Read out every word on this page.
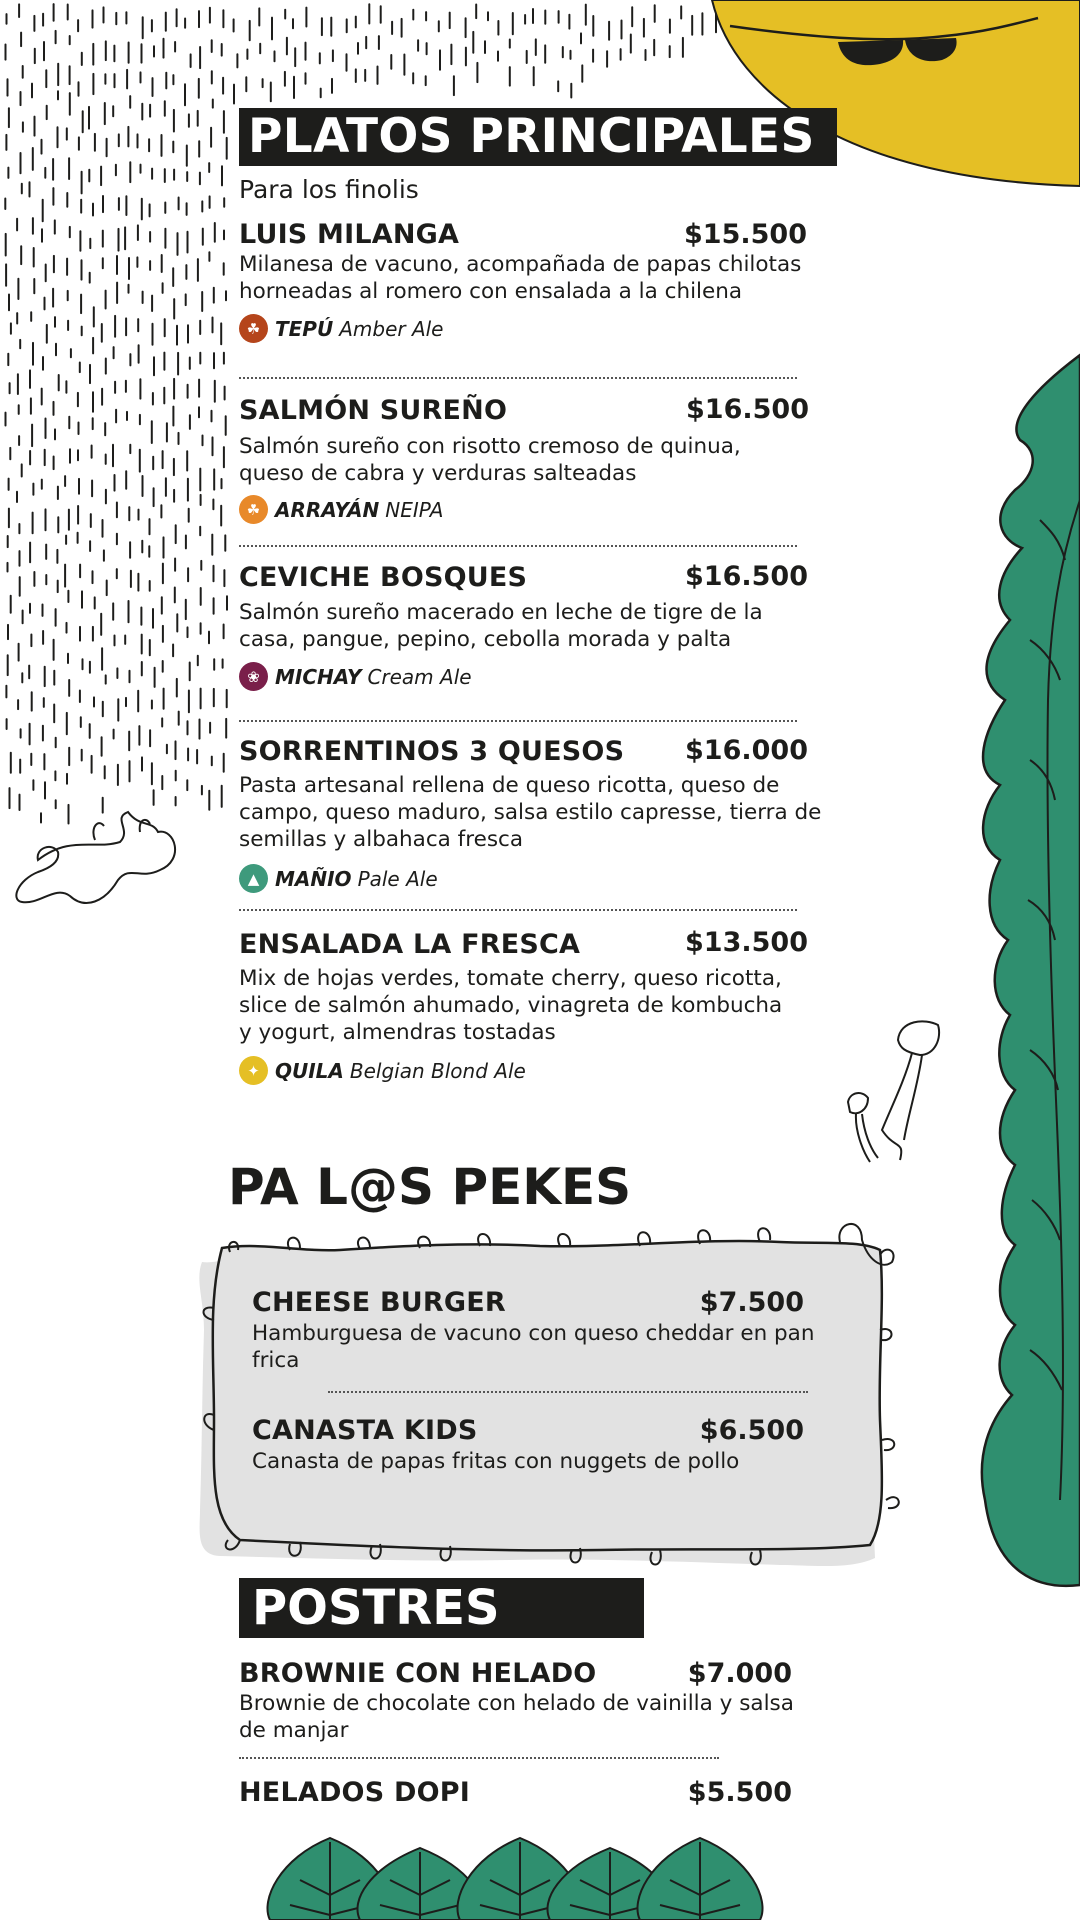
PLATOS PRINCIPALES
Para los finolis
LUIS MILANGA	$15.500
Milanesa de vacuno, acompañada de papas chilotas horneadas al romero con ensalada a la chilena
☘ TEPÚ Amber Ale
SALMÓN SUREÑO	$16.500
Salmón sureño con risotto cremoso de quinua, queso de cabra y verduras salteadas
☘ ARRAYÁN NEIPA
CEVICHE BOSQUES	$16.500
Salmón sureño macerado en leche de tigre de la casa, pangue, pepino, cebolla morada y palta
❀ MICHAY Cream Ale
SORRENTINOS 3 QUESOS $16.000
Pasta artesanal rellena de queso ricotta, queso de campo, queso maduro, salsa estilo capresse, tierra de semillas y albahaca fresca
▲ MAÑIO Pale Ale
ENSALADA LA FRESCA	$13.500
Mix de hojas verdes, tomate cherry, queso ricotta, slice de salmón ahumado, vinagreta de kombucha y yogurt, almendras tostadas
✦ QUILA Belgian Blond Ale
PA L@S PEKES
CHEESE BURGER	$7.500
Hamburguesa de vacuno con queso cheddar en pan frica
CANASTA KIDS	$6.500
Canasta de papas fritas con nuggets de pollo
POSTRES
BROWNIE CON HELADO	$7.000
Brownie de chocolate con helado de vainilla y salsa de manjar
HELADOS DOPI	$5.500
